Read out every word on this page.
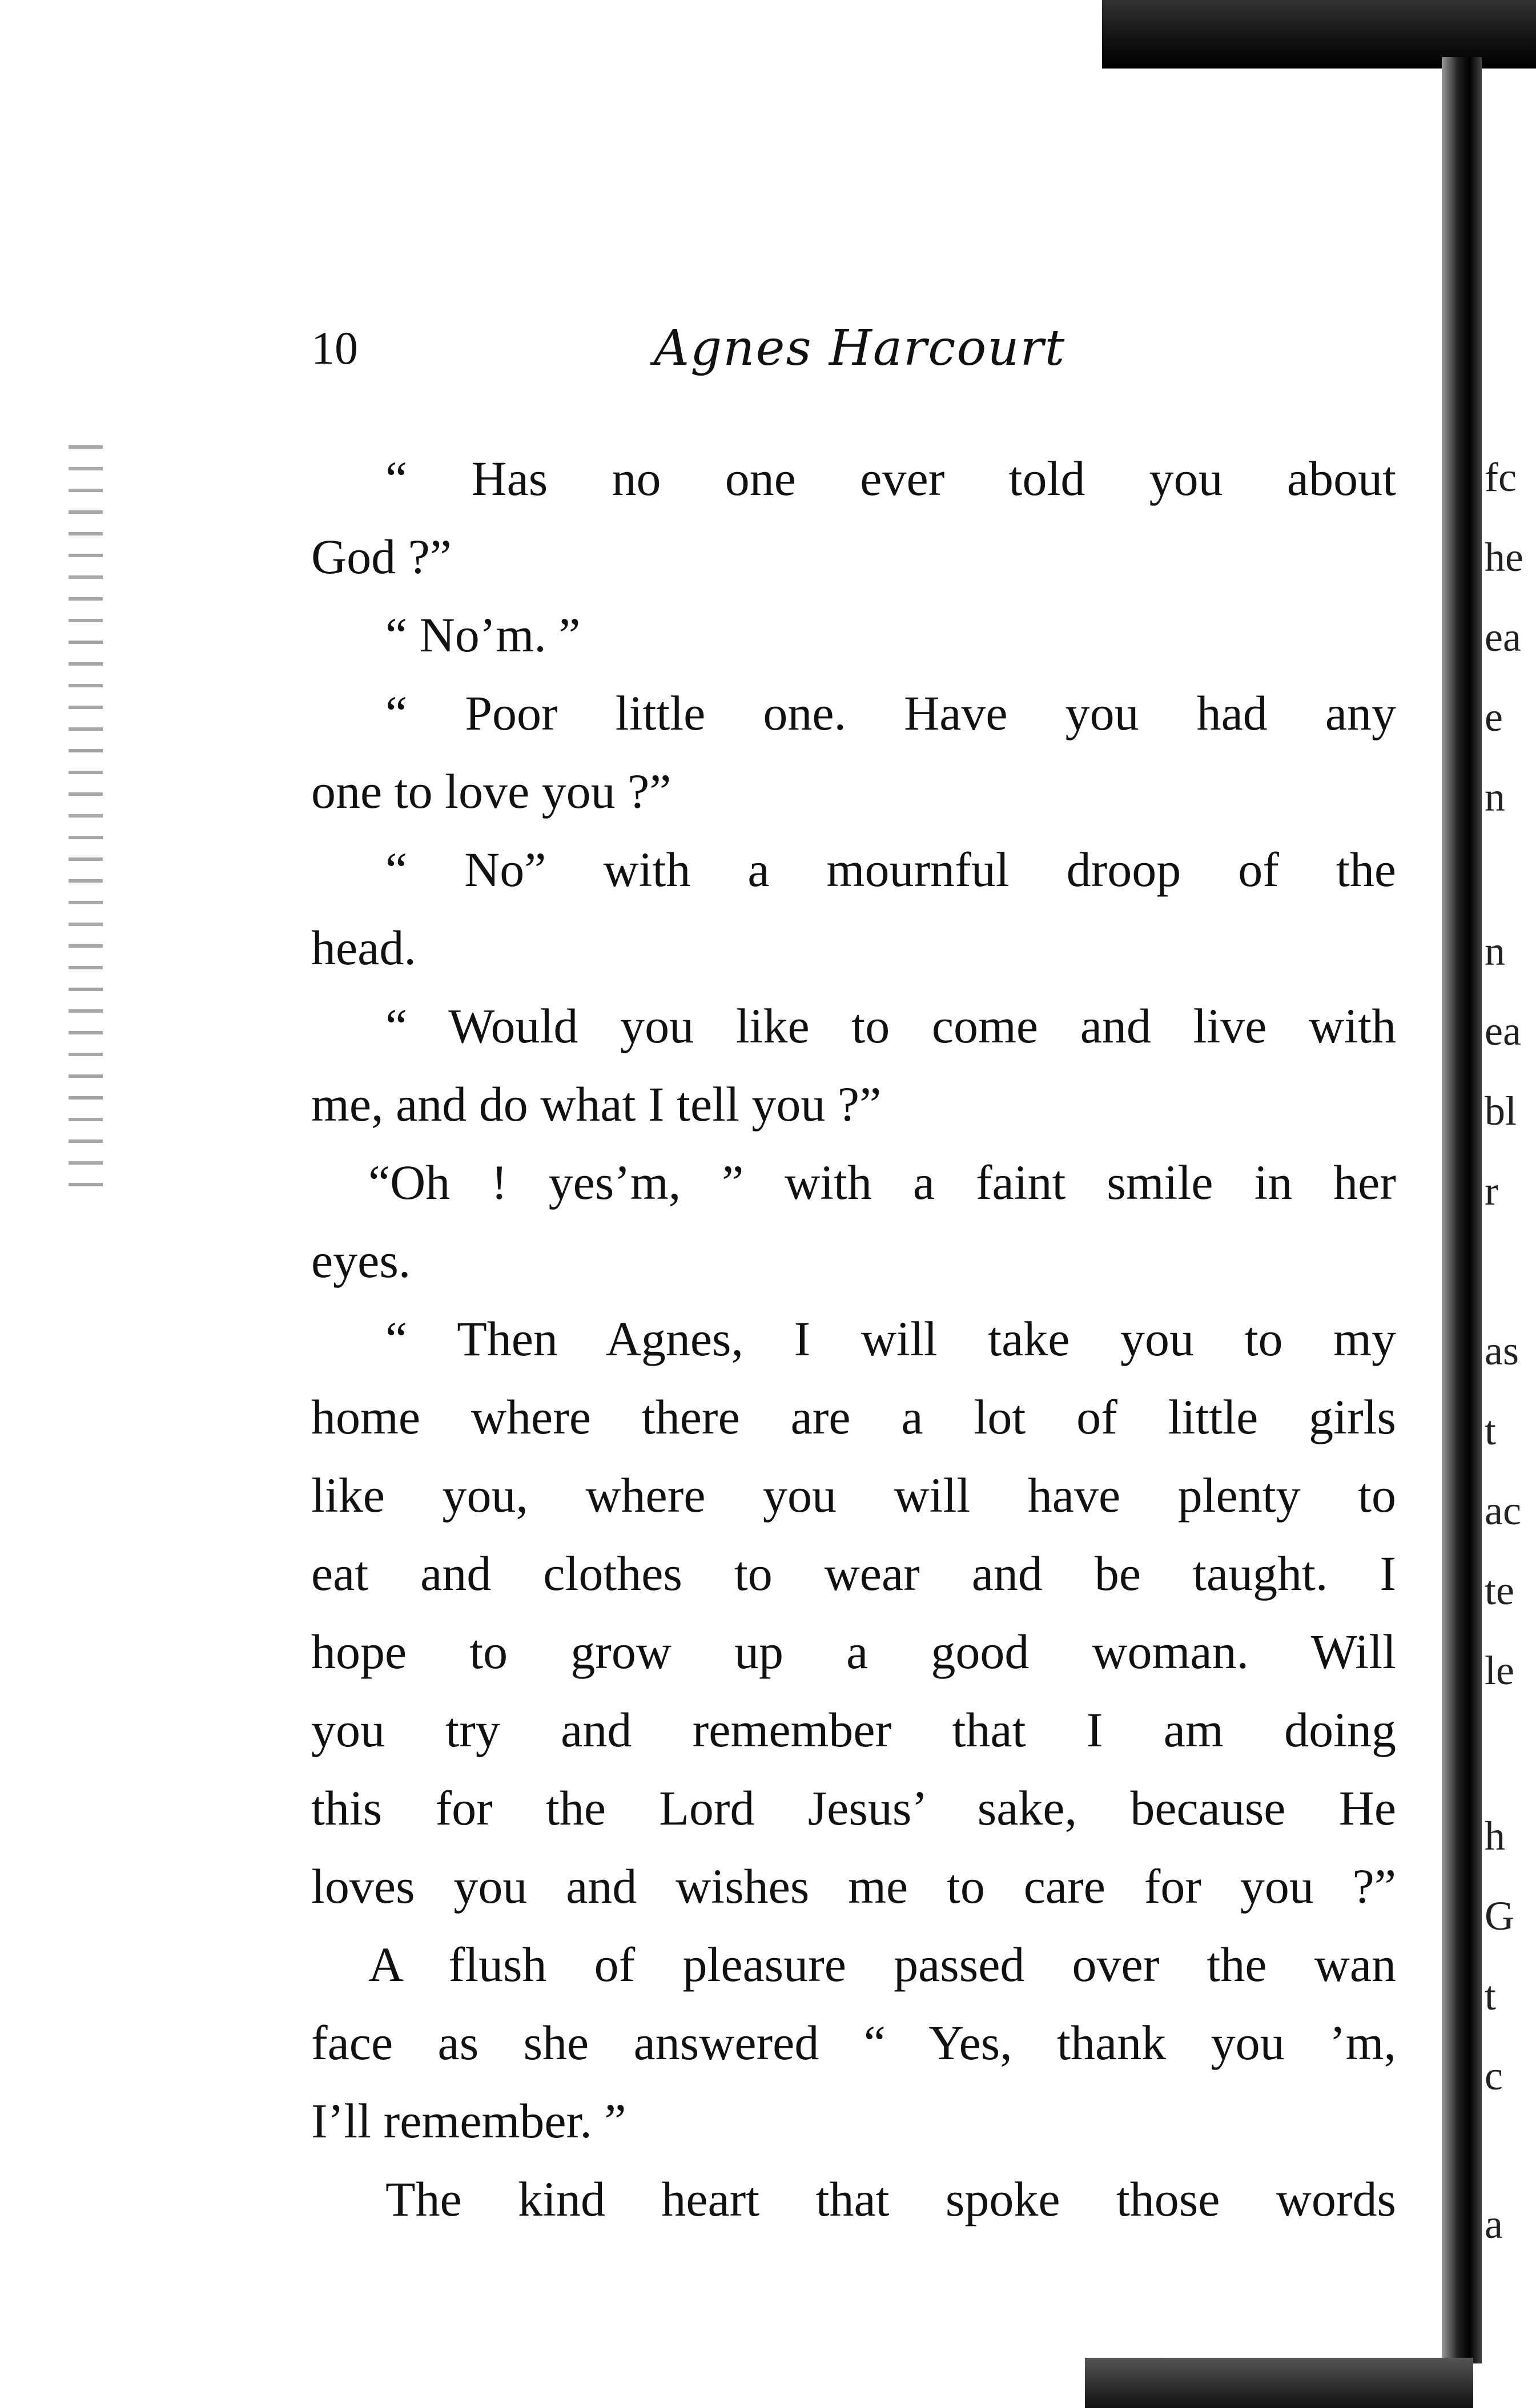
fc
he
ea
e
n
n
ea
bl
r
as
t
ac
te
le
h
G
t
c
a
10	Agnes Harcourt
“ Has no one ever told you about
God ?”
“ No’m. ”
“ Poor little one. Have you had any
one to love you ?”
“ No” with a mournful droop of the
head.
“ Would you like to come and live with
me, and do what I tell you ?”
“Oh ! yes’m, ” with a faint smile in her
eyes.
“ Then Agnes, I will take you to my
home where there are a lot of little girls
like you, where you will have plenty to
eat and clothes to wear and be taught. I
hope to grow up a good woman. Will
you try and remember that I am doing
this for the Lord Jesus’ sake, because He
loves you and wishes me to care for you ?”
A flush of pleasure passed over the wan
face as she answered “ Yes, thank you ’m,
I’ll remember. ”
The kind heart that spoke those words
